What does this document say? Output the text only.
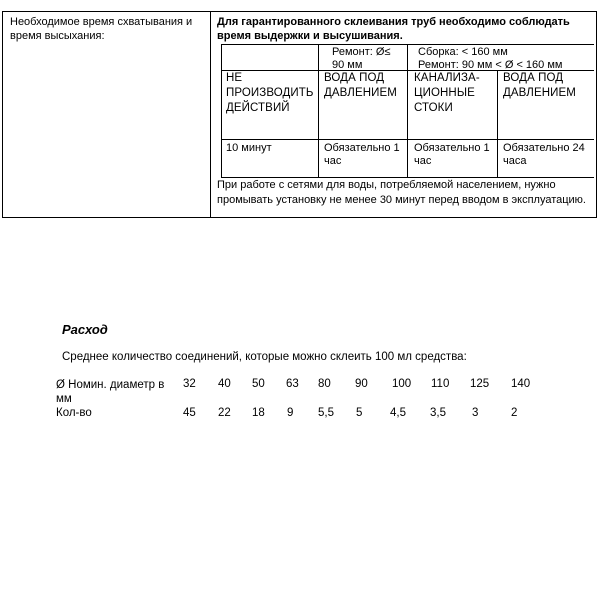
Необходимое время схватывания и время высыхания:
Для гарантированного склеивания труб необходимо соблюдать время выдержки и высушивания.
Ремонт: Ø≤ 90 мм
Сборка: < 160 мм
Ремонт: 90 мм < Ø < 160 мм
НЕ ПРОИЗВОДИТЬ ДЕЙСТВИЙ
ВОДА ПОД ДАВЛЕНИЕМ
КАНАЛИЗА-ЦИОННЫЕ СТОКИ
ВОДА ПОД ДАВЛЕНИЕМ
10 минут	Обязательно 1 час
Обязательно 1 час
Обязательно 24 часа
При работе с сетями для воды, потребляемой населением, нужно промывать установку не менее 30 минут перед вводом в эксплуатацию.
Расход
Среднее количество соединений, которые можно склеить 100 мл средства:
Ø Номин. диаметр в мм
Кол-во
32 40 50 63 80 90 100 110 125 140
45 22 18 9 5,5 5 4,5 3,5 3	2
